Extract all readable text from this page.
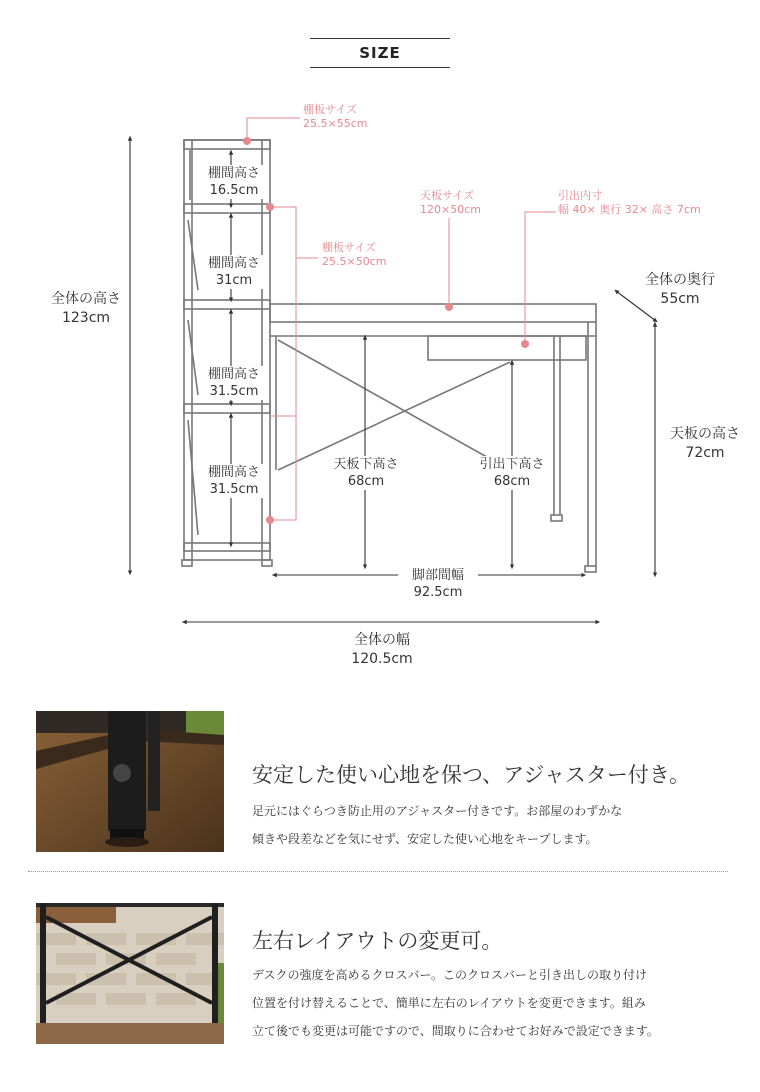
SIZE
棚板サイズ
25.5×55cm
棚板サイズ
25.5×50cm
天板サイズ
120×50cm
引出内寸
幅 40× 奥行 32× 高さ 7cm
全体の高さ
123cm
棚間高さ
16.5cm
棚間高さ
31cm
棚間高さ
31.5cm
棚間高さ
31.5cm
全体の奥行
55cm
天板の高さ
72cm
天板下高さ
68cm
引出下高さ
68cm
脚部間幅
92.5cm
全体の幅
120.5cm
安定した使い心地を保つ、アジャスター付き。
足元にはぐらつき防止用のアジャスター付きです。お部屋のわずかな
傾きや段差などを気にせず、安定した使い心地をキープします。
左右レイアウトの変更可。
デスクの強度を高めるクロスバー。このクロスバーと引き出しの取り付け
位置を付け替えることで、簡単に左右のレイアウトを変更できます。組み
立て後でも変更は可能ですので、間取りに合わせてお好みで設定できます。
